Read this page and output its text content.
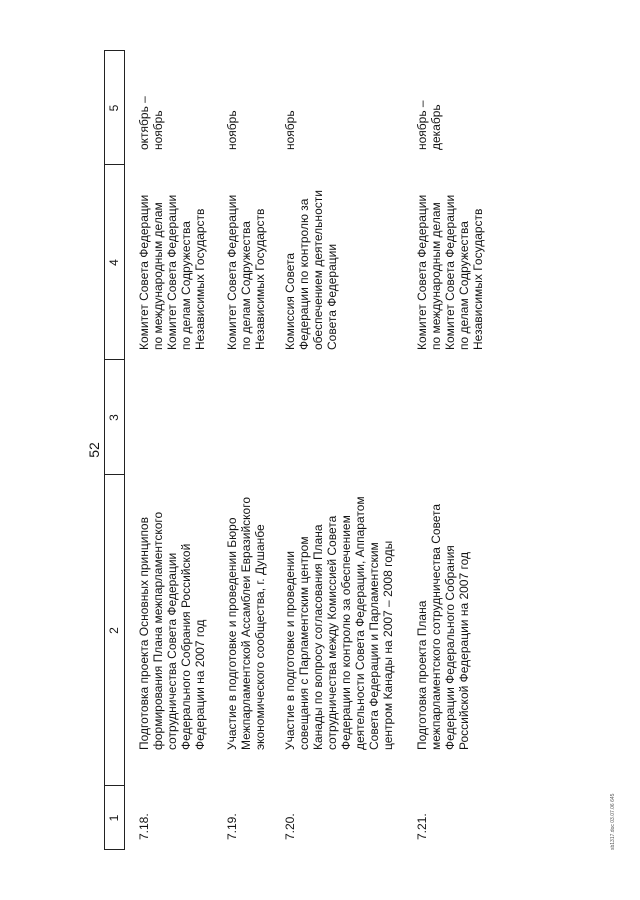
52
1
2
3
4
5
7.18.
Подготовка проекта Основных принципов
формирования Плана межпарламентского
сотрудничества Совета Федерации
Федерального Собрания Российской
Федерации на 2007 год
Комитет Совета Федерации
по международным делам
Комитет Совета Федерации
по делам Содружества
Независимых Государств
октябрь –
ноябрь
7.19.
Участие в подготовке и проведении Бюро
Межпарламентской Ассамблеи Евразийского
экономического сообщества, г. Душанбе
Комитет Совета Федерации
по делам Содружества
Независимых Государств
ноябрь
7.20.
Участие в подготовке и проведении
совещания с Парламентским центром
Канады по вопросу согласования Плана
сотрудничества между Комиссией Совета
Федерации по контролю за обеспечением
деятельности Совета Федерации, Аппаратом
Совета Федерации и Парламентским
центром Канады на 2007 – 2008 годы
Комиссия Совета
Федерации по контролю за
обеспечением деятельности
Совета Федерации
ноябрь
7.21.
Подготовка проекта Плана
межпарламентского сотрудничества Совета
Федерации Федерального Собрания
Российской Федерации на 2007 год
Комитет Совета Федерации
по международным делам
Комитет Совета Федерации
по делам Содружества
Независимых Государств
ноябрь –
декабрь
sb1317.doc 03.07.06 645
